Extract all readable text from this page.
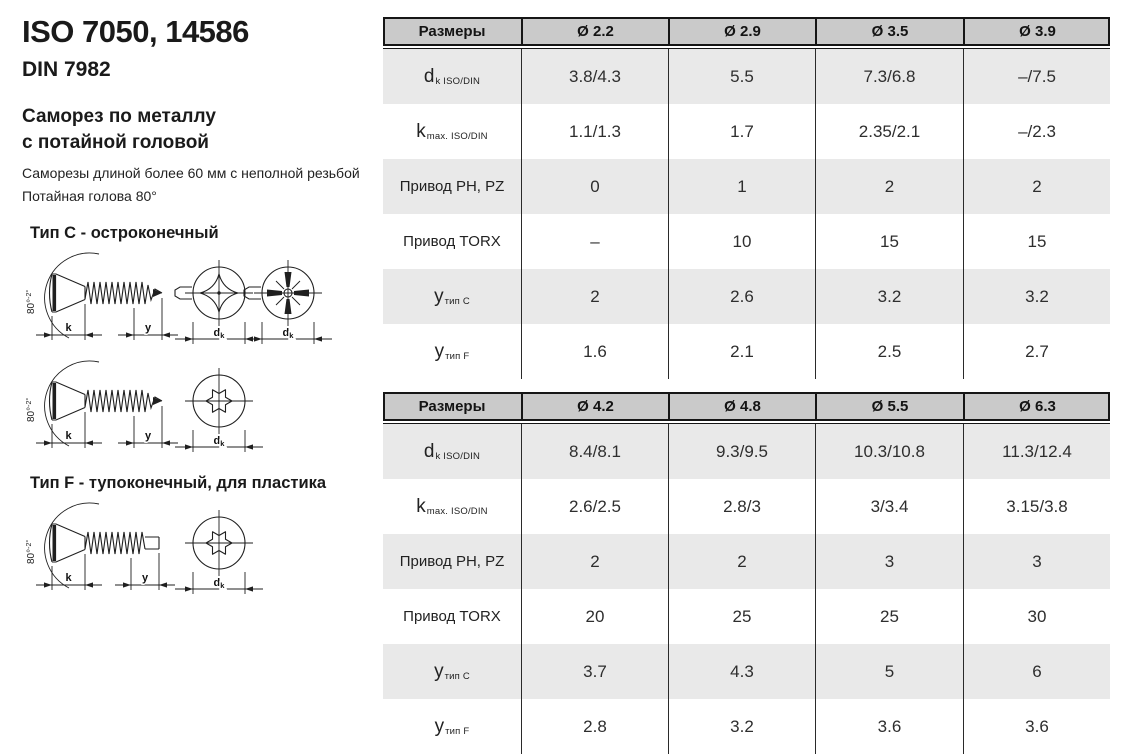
ISO 7050, 14586
DIN 7982
Саморез по металлу
с потайной головой
Саморезы длиной более 60 мм с неполной резьбой
Потайная голова 80°
Тип C - остроконечный
Тип F - тупоконечный, для пластика
80°$^{-2^\circ}$
k	y	dk	dk
80°$^{-2^\circ}$
k	y	dk
80°$^{-2^\circ}$
k	y	dk
Размеры	Ø 2.2	Ø 2.9	Ø 3.5	Ø 3.9
d k ISO/DIN	3.8/4.3	5.5	7.3/6.8	–/7.5
k max. ISO/DIN	1.1/1.3	1.7	2.35/2.1	–/2.3
Привод PH, PZ	0	1	2	2
Привод TORX	–	10	15	15
y тип C	2	2.6	3.2	3.2
y тип F	1.6	2.1	2.5	2.7
Размеры	Ø 4.2	Ø 4.8	Ø 5.5	Ø 6.3
d k ISO/DIN	8.4/8.1	9.3/9.5	10.3/10.8	11.3/12.4
k max. ISO/DIN	2.6/2.5	2.8/3	3/3.4	3.15/3.8
Привод PH, PZ	2	2	3	3
Привод TORX	20	25	25	30
y тип C	3.7	4.3	5	6
y тип F	2.8	3.2	3.6	3.6
